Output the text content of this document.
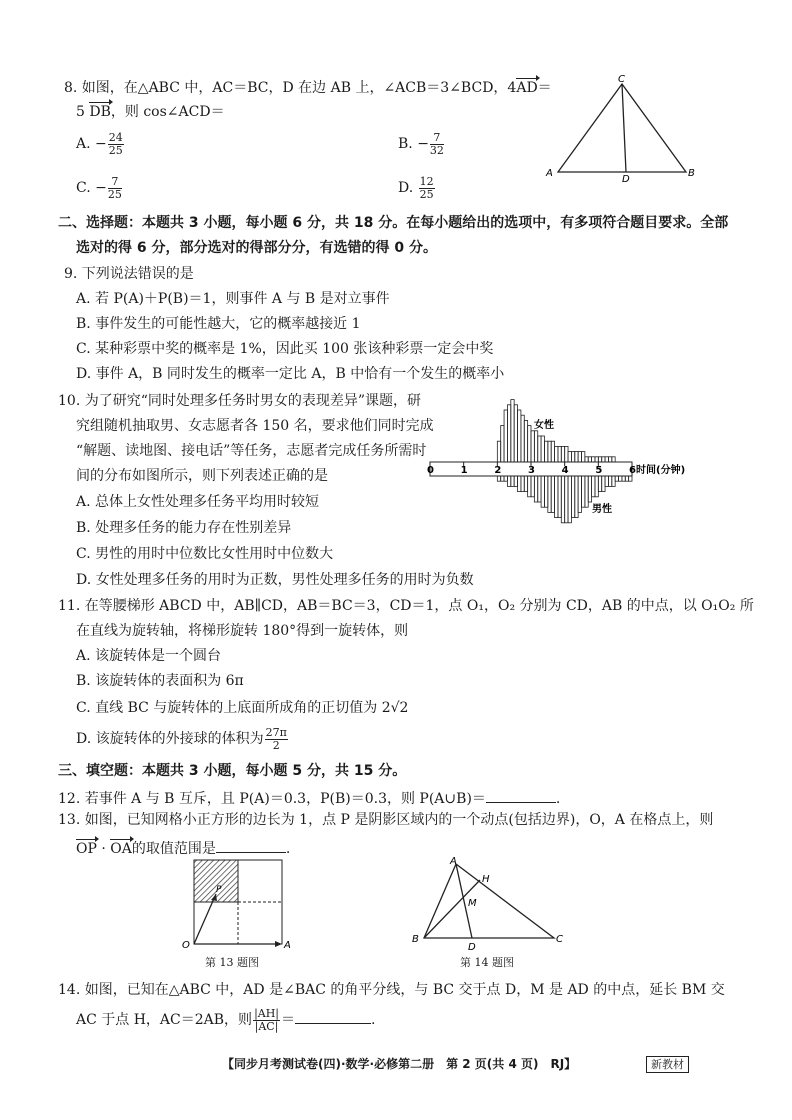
8. 如图，在△ABC 中，AC＝BC，D 在边 AB 上，∠ACB＝3∠BCD，4AD＝
5 DB，则 cos∠ACD＝
A. − $\frac{24}{25}$	B. − $\frac{7}{32}$
C. − $\frac{7}{25}$	D. $\frac{12}{25}$
C
A	B
D
二、选择题：本题共 3 小题，每小题 6 分，共 18 分。在每小题给出的选项中，有多项符合题目要求。全部
选对的得 6 分，部分选对的得部分分，有选错的得 0 分。
9. 下列说法错误的是
A. 若 P(A)＋P(B)＝1，则事件 A 与 B 是对立事件
B. 事件发生的可能性越大，它的概率越接近 1
C. 某种彩票中奖的概率是 1%，因此买 100 张该种彩票一定会中奖
D. 事件 A，B 同时发生的概率一定比 A，B 中恰有一个发生的概率小
10. 为了研究“同时处理多任务时男女的表现差异”课题，研
究组随机抽取男、女志愿者各 150 名，要求他们同时完成
“解题、读地图、接电话”等任务，志愿者完成任务所需时
间的分布如图所示，则下列表述正确的是
A. 总体上女性处理多任务平均用时较短
B. 处理多任务的能力存在性别差异
C. 男性的用时中位数比女性用时中位数大
D. 女性处理多任务的用时为正数，男性处理多任务的用时为负数
0	1	2	3	4	5	6
女性
男性
时间(分钟)
11. 在等腰梯形 ABCD 中，AB∥CD，AB＝BC＝3，CD＝1，点 O₁，O₂ 分别为 CD，AB 的中点，以 O₁O₂ 所
在直线为旋转轴，将梯形旋转 180°得到一旋转体，则
A. 该旋转体是一个圆台
B. 该旋转体的表面积为 6π
C. 直线 BC 与旋转体的上底面所成角的正切值为 2√2
D. 该旋转体的外接球的体积为 $\frac{27\pi}{2}$
三、填空题：本题共 3 小题，每小题 5 分，共 15 分。
12. 若事件 A 与 B 互斥，且 P(A)＝0.3，P(B)＝0.3，则 P(A∪B)＝	.
13. 如图，已知网格小正方形的边长为 1，点 P 是阴影区域内的一个动点(包括边界)，O，A 在格点上，则
OP · OA的取值范围是	.
O	A
P
第 13 题图
A
B	C
D
H
M
第 14 题图
14. 如图，已知在△ABC 中，AD 是∠BAC 的角平分线，与 BC 交于点 D，M 是 AD 的中点，延长 BM 交
AC 于点 H，AC＝2AB，则 $\frac{|AH|}{|AC|}$ ＝	.
【同步月考测试卷(四)·数学·必修第二册　第 2 页(共 4 页)　RJ】	新教材
